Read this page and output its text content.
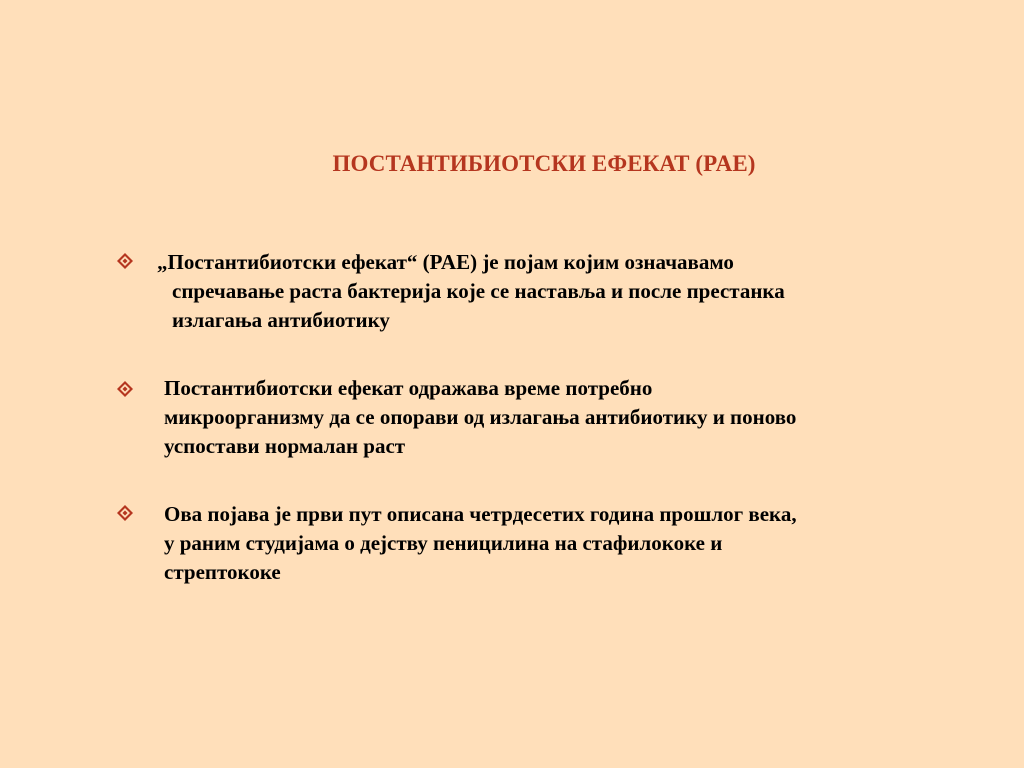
ПОСТАНТИБИОТСКИ ЕФЕКАТ (PAE)
„Постантибиотски ефекат“ (PAE) је појам којим означавамо
спречавање раста бактерија које се наставља и после престанка
излагања антибиотику
Постантибиотски ефекат одражава време потребно
микроорганизму да се опорави од излагања антибиотику и поново
успостави нормалан раст
Ова појава је први пут описана четрдесетих година прошлог века,
у раним студијама о дејству пеницилина на стафилококе и
стрептококе
